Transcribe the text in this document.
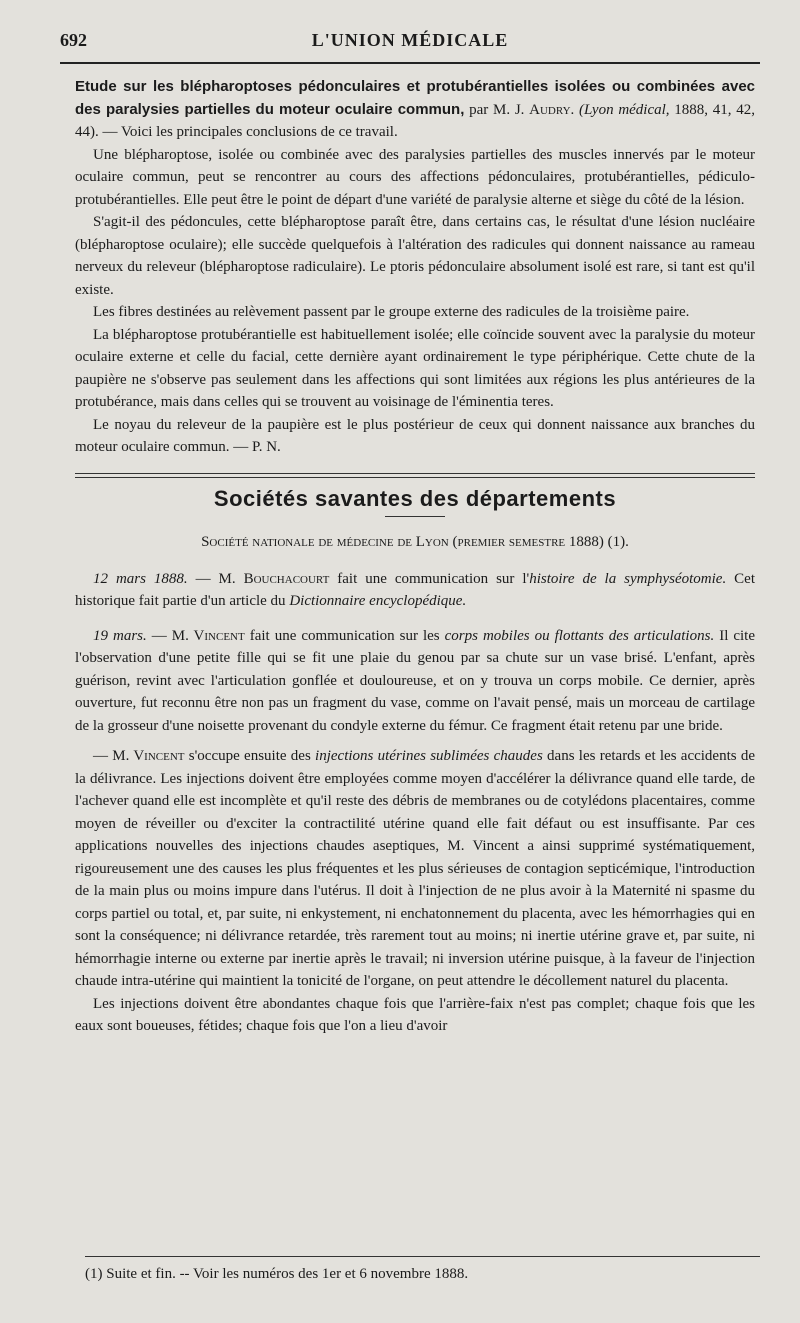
692	L'UNION MÉDICALE

Etude sur les blépharoptoses pédonculaires et protubérantielles isolées ou combinées avec des paralysies partielles du moteur oculaire commun, par M. J. Audry. (Lyon médical, 1888, 41, 42, 44). — Voici les principales conclusions de ce travail.

Une blépharoptose, isolée ou combinée avec des paralysies partielles des muscles innervés par le moteur oculaire commun, peut se rencontrer au cours des affections pédonculaires, protubérantielles, pédiculo-protubérantielles. Elle peut être le point de départ d'une variété de paralysie alterne et siège du côté de la lésion.

S'agit-il des pédoncules, cette blépharoptose paraît être, dans certains cas, le résultat d'une lésion nucléaire (blépharoptose oculaire); elle succède quelquefois à l'altération des radicules qui donnent naissance au rameau nerveux du releveur (blépharoptose radiculaire). Le ptoris pédonculaire absolument isolé est rare, si tant est qu'il existe.

Les fibres destinées au relèvement passent par le groupe externe des radicules de la troisième paire.

La blépharoptose protubérantielle est habituellement isolée; elle coïncide souvent avec la paralysie du moteur oculaire externe et celle du facial, cette dernière ayant ordinairement le type périphérique. Cette chute de la paupière ne s'observe pas seulement dans les affections qui sont limitées aux régions les plus antérieures de la protubérance, mais dans celles qui se trouvent au voisinage de l'éminentia teres.

Le noyau du releveur de la paupière est le plus postérieur de ceux qui donnent naissance aux branches du moteur oculaire commun. — P. N.

Sociétés savantes des départements
Société nationale de médecine de Lyon (premier semestre 1888) (1).

12 mars 1888. — M. Bouchacourt fait une communication sur l'histoire de la symphyséotomie. Cet historique fait partie d'un article du Dictionnaire encyclopédique.

19 mars. — M. Vincent fait une communication sur les corps mobiles ou flottants des articulations. Il cite l'observation d'une petite fille qui se fit une plaie du genou par sa chute sur un vase brisé. L'enfant, après guérison, revint avec l'articulation gonflée et douloureuse, et on y trouva un corps mobile. Ce dernier, après ouverture, fut reconnu être non pas un fragment du vase, comme on l'avait pensé, mais un morceau de cartilage de la grosseur d'une noisette provenant du condyle externe du fémur. Ce fragment était retenu par une bride.

— M. Vincent s'occupe ensuite des injections utérines sublimées chaudes dans les retards et les accidents de la délivrance. Les injections doivent être employées comme moyen d'accélérer la délivrance quand elle tarde, de l'achever quand elle est incomplète et qu'il reste des débris de membranes ou de cotylédons placentaires, comme moyen de réveiller ou d'exciter la contractilité utérine quand elle fait défaut ou est insuffisante. Par ces applications nouvelles des injections chaudes aseptiques, M. Vincent a ainsi supprimé systématiquement, rigoureusement une des causes les plus fréquentes et les plus sérieuses de contagion septicémique, l'introduction de la main plus ou moins impure dans l'utérus. Il doit à l'injection de ne plus avoir à la Maternité ni spasme du corps partiel ou total, et, par suite, ni enkystement, ni enchatonnement du placenta, avec les hémorrhagies qui en sont la conséquence; ni délivrance retardée, très rarement tout au moins; ni inertie utérine grave et, par suite, ni hémorrhagie interne ou externe par inertie après le travail; ni inversion utérine puisque, à la faveur de l'injection chaude intra-utérine qui maintient la tonicité de l'organe, on peut attendre le décollement naturel du placenta.

Les injections doivent être abondantes chaque fois que l'arrière-faix n'est pas complet; chaque fois que les eaux sont boueuses, fétides; chaque fois que l'on a lieu d'avoir

(1) Suite et fin. -- Voir les numéros des 1er et 6 novembre 1888.
